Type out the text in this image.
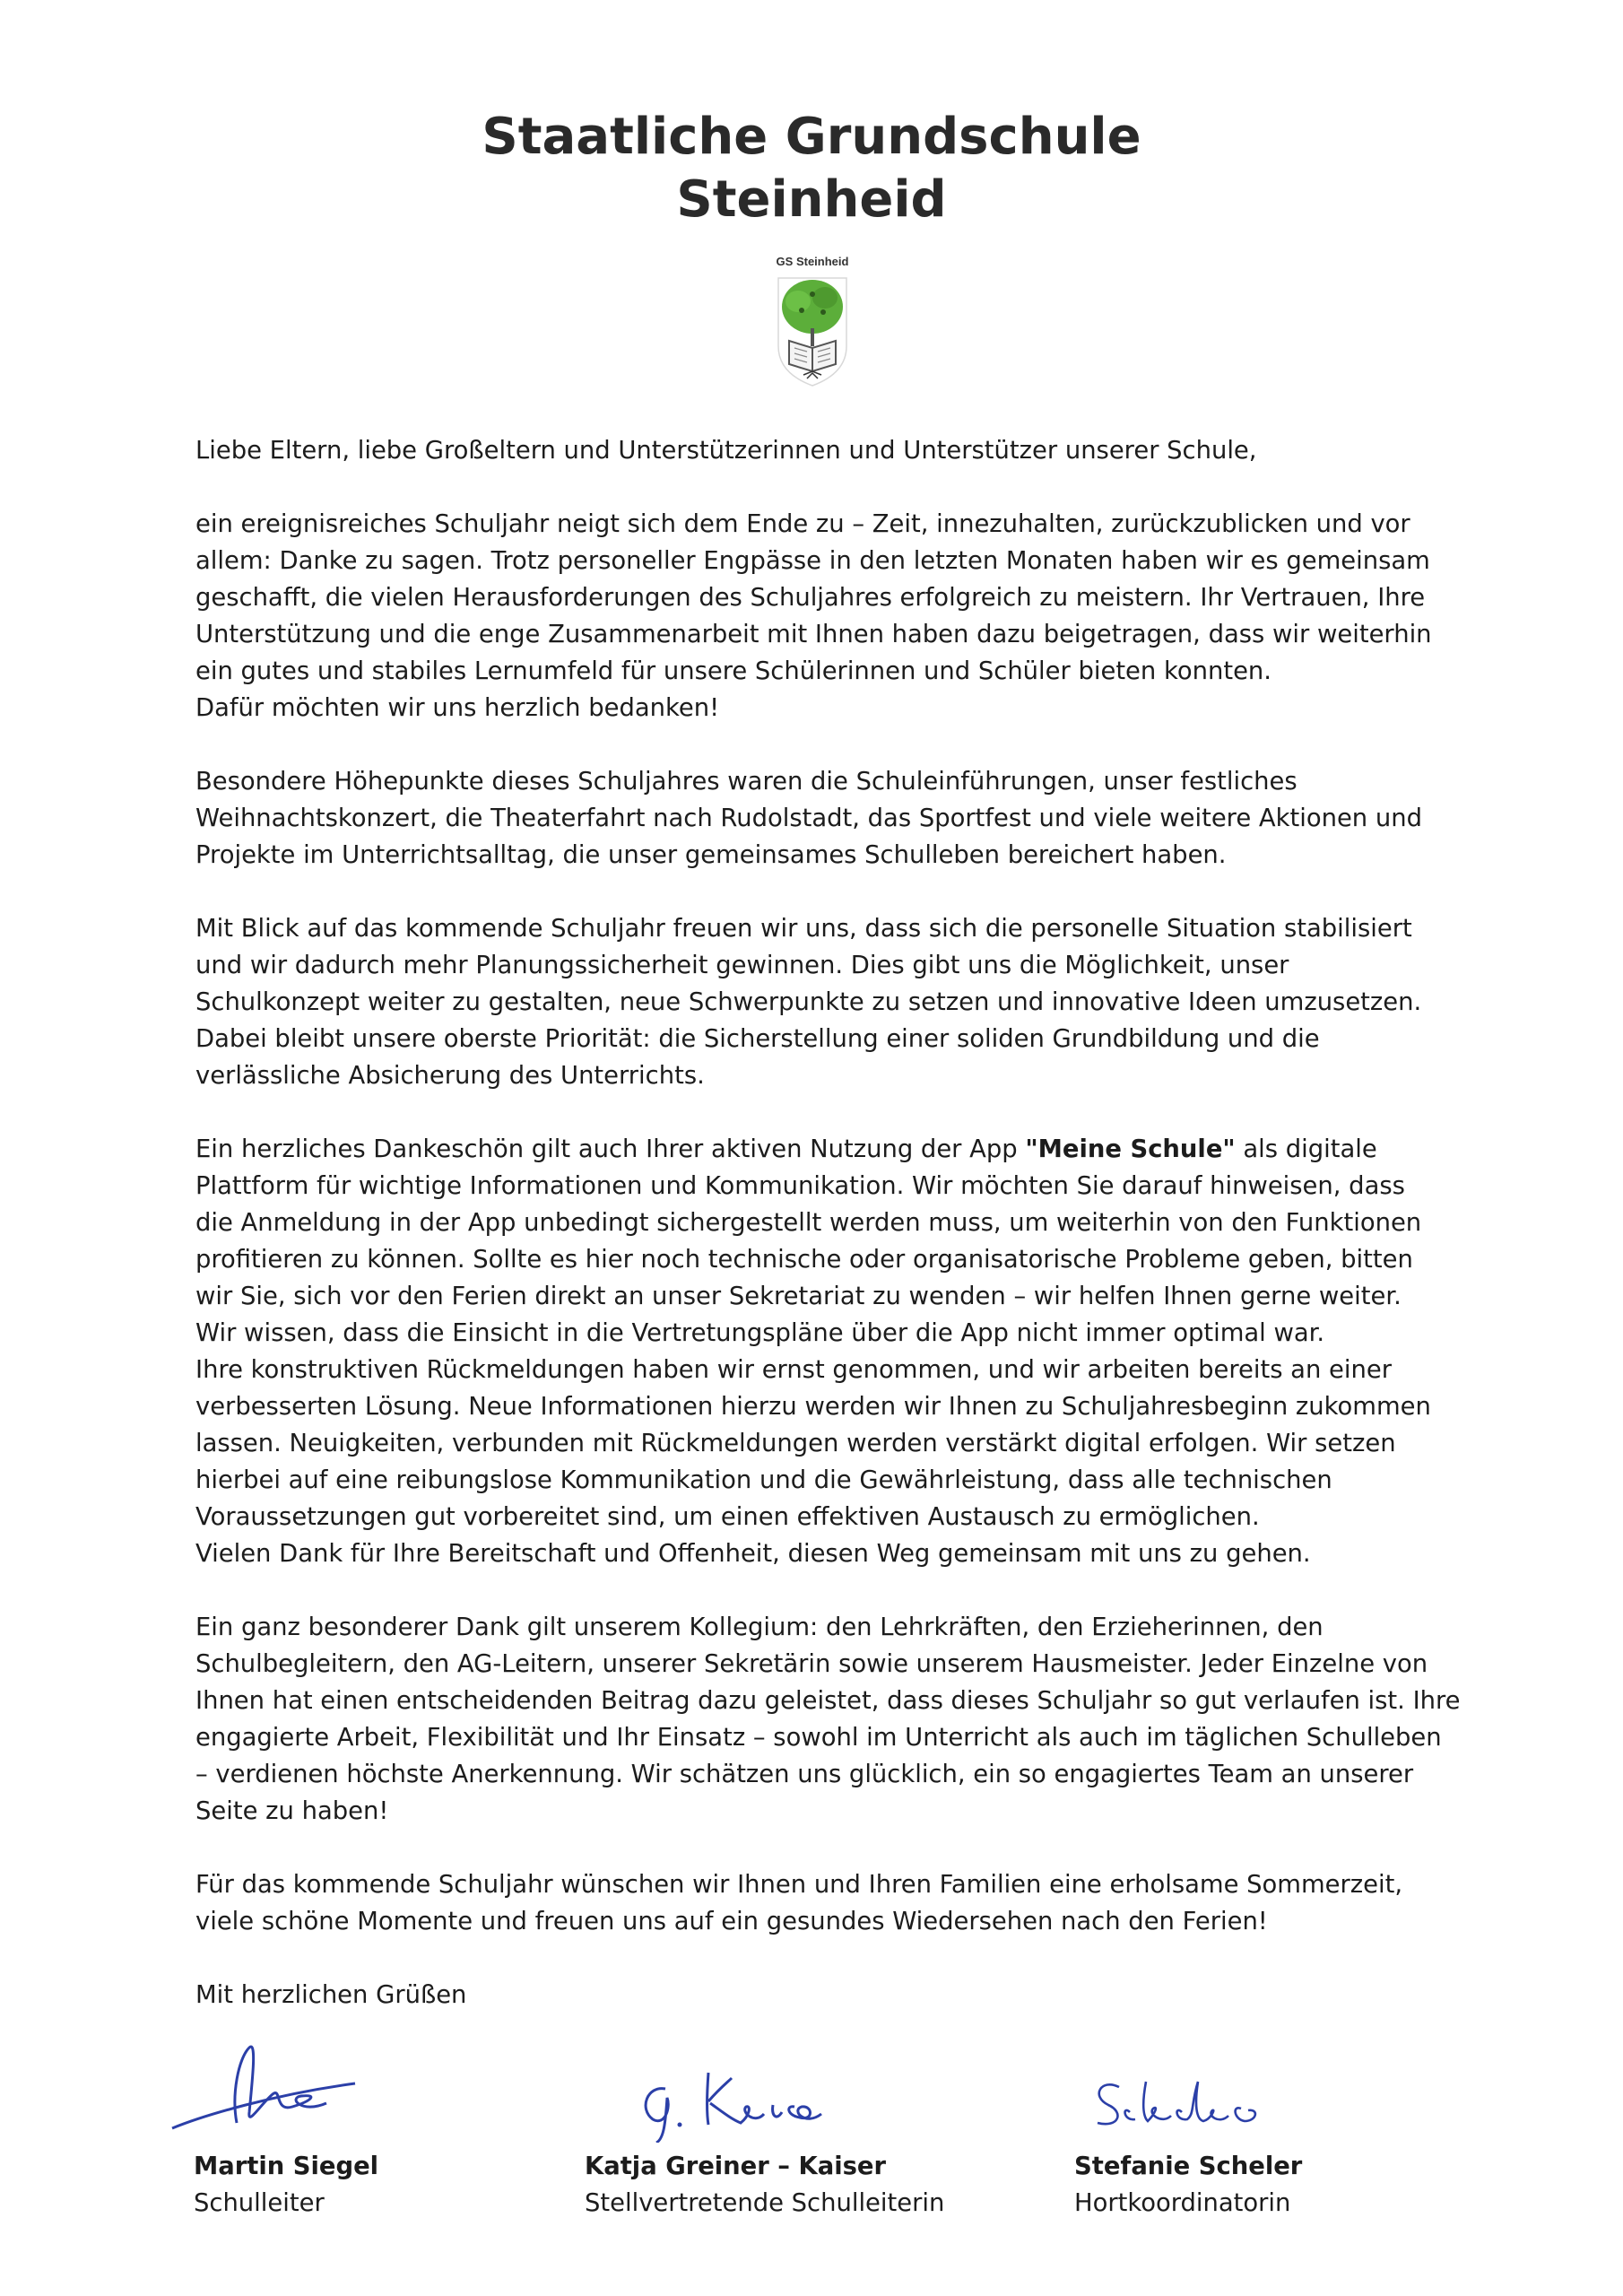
Staatliche Grundschule
Steinheid
GS Steinheid

Liebe Eltern, liebe Großeltern und Unterstützerinnen und Unterstützer unserer Schule,

ein ereignisreiches Schuljahr neigt sich dem Ende zu – Zeit, innezuhalten, zurückzublicken und vor
allem: Danke zu sagen. Trotz personeller Engpässe in den letzten Monaten haben wir es gemeinsam
geschafft, die vielen Herausforderungen des Schuljahres erfolgreich zu meistern. Ihr Vertrauen, Ihre
Unterstützung und die enge Zusammenarbeit mit Ihnen haben dazu beigetragen, dass wir weiterhin
ein gutes und stabiles Lernumfeld für unsere Schülerinnen und Schüler bieten konnten.
Dafür möchten wir uns herzlich bedanken!

Besondere Höhepunkte dieses Schuljahres waren die Schuleinführungen, unser festliches
Weihnachtskonzert, die Theaterfahrt nach Rudolstadt, das Sportfest und viele weitere Aktionen und
Projekte im Unterrichtsalltag, die unser gemeinsames Schulleben bereichert haben.

Mit Blick auf das kommende Schuljahr freuen wir uns, dass sich die personelle Situation stabilisiert
und wir dadurch mehr Planungssicherheit gewinnen. Dies gibt uns die Möglichkeit, unser
Schulkonzept weiter zu gestalten, neue Schwerpunkte zu setzen und innovative Ideen umzusetzen.
Dabei bleibt unsere oberste Priorität: die Sicherstellung einer soliden Grundbildung und die
verlässliche Absicherung des Unterrichts.

Ein herzliches Dankeschön gilt auch Ihrer aktiven Nutzung der App "Meine Schule" als digitale
Plattform für wichtige Informationen und Kommunikation. Wir möchten Sie darauf hinweisen, dass
die Anmeldung in der App unbedingt sichergestellt werden muss, um weiterhin von den Funktionen
profitieren zu können. Sollte es hier noch technische oder organisatorische Probleme geben, bitten
wir Sie, sich vor den Ferien direkt an unser Sekretariat zu wenden – wir helfen Ihnen gerne weiter.
Wir wissen, dass die Einsicht in die Vertretungspläne über die App nicht immer optimal war.
Ihre konstruktiven Rückmeldungen haben wir ernst genommen, und wir arbeiten bereits an einer
verbesserten Lösung. Neue Informationen hierzu werden wir Ihnen zu Schuljahresbeginn zukommen
lassen. Neuigkeiten, verbunden mit Rückmeldungen werden verstärkt digital erfolgen. Wir setzen
hierbei auf eine reibungslose Kommunikation und die Gewährleistung, dass alle technischen
Voraussetzungen gut vorbereitet sind, um einen effektiven Austausch zu ermöglichen.
Vielen Dank für Ihre Bereitschaft und Offenheit, diesen Weg gemeinsam mit uns zu gehen.

Ein ganz besonderer Dank gilt unserem Kollegium: den Lehrkräften, den Erzieherinnen, den
Schulbegleitern, den AG-Leitern, unserer Sekretärin sowie unserem Hausmeister. Jeder Einzelne von
Ihnen hat einen entscheidenden Beitrag dazu geleistet, dass dieses Schuljahr so gut verlaufen ist. Ihre
engagierte Arbeit, Flexibilität und Ihr Einsatz – sowohl im Unterricht als auch im täglichen Schulleben
– verdienen höchste Anerkennung. Wir schätzen uns glücklich, ein so engagiertes Team an unserer
Seite zu haben!

Für das kommende Schuljahr wünschen wir Ihnen und Ihren Familien eine erholsame Sommerzeit,
viele schöne Momente und freuen uns auf ein gesundes Wiedersehen nach den Ferien!

Mit herzlichen Grüßen

Martin Siegel
Schulleiter
Katja Greiner – Kaiser
Stellvertretende Schulleiterin
Stefanie Scheler
Hortkoordinatorin
